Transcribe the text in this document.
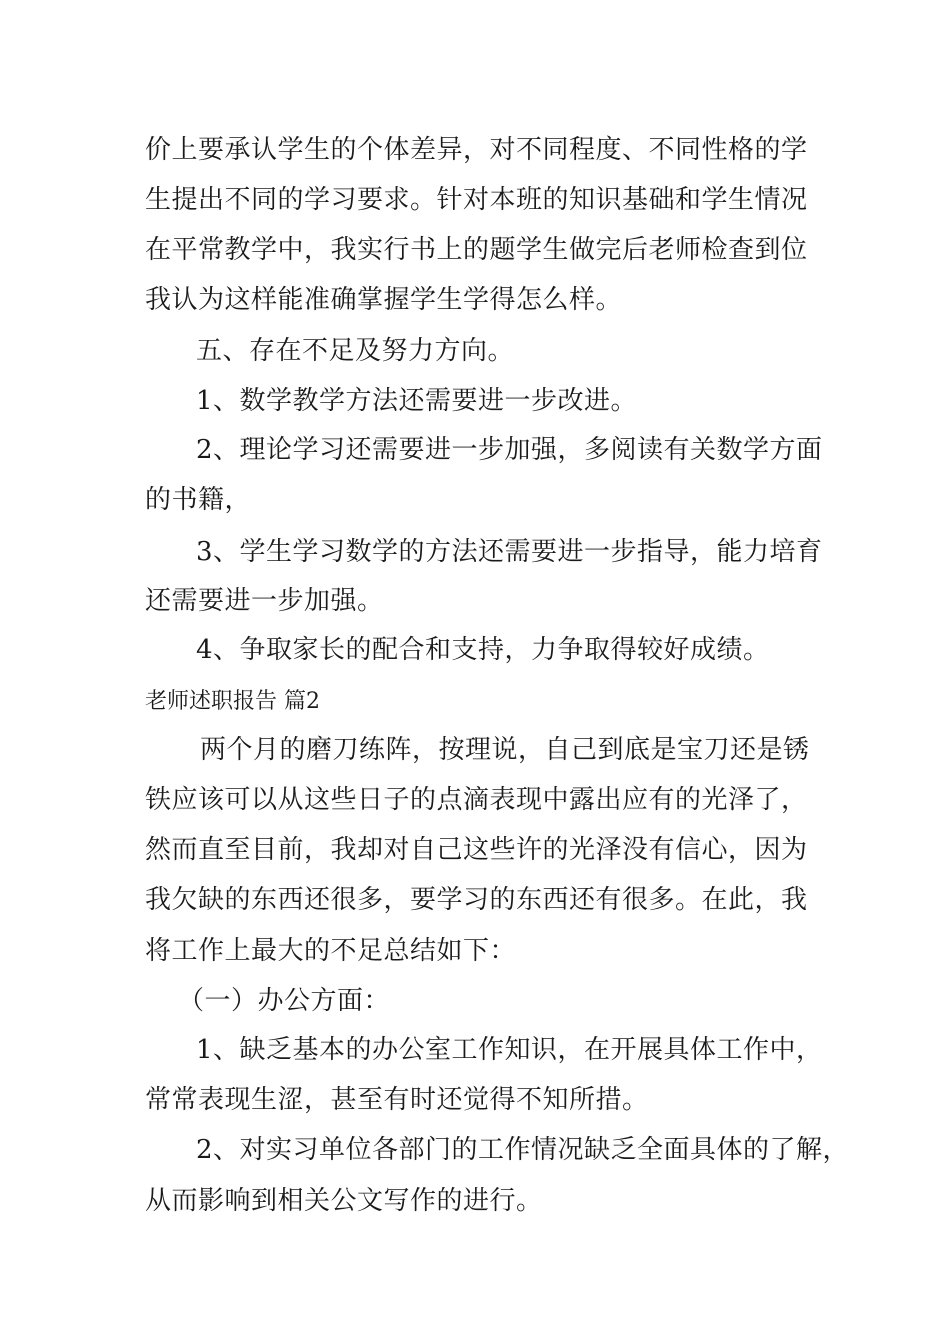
价上要承认学生的个体差异，对不同程度、不同性格的学
生提出不同的学习要求。针对本班的知识基础和学生情况
在平常教学中，我实行书上的题学生做完后老师检查到位
我认为这样能准确掌握学生学得怎么样。
五、存在不足及努力方向。
1、数学教学方法还需要进一步改进。
2、理论学习还需要进一步加强，多阅读有关数学方面
的书籍，
3、学生学习数学的方法还需要进一步指导，能力培育
还需要进一步加强。
4、争取家长的配合和支持，力争取得较好成绩。
老师述职报告 篇2
两个月的磨刀练阵，按理说，自己到底是宝刀还是锈
铁应该可以从这些日子的点滴表现中露出应有的光泽了，
然而直至目前，我却对自己这些许的光泽没有信心，因为
我欠缺的东西还很多，要学习的东西还有很多。在此，我
将工作上最大的不足总结如下：
（一）办公方面：
1、缺乏基本的办公室工作知识，在开展具体工作中，
常常表现生涩，甚至有时还觉得不知所措。
2、对实习单位各部门的工作情况缺乏全面具体的了解，
从而影响到相关公文写作的进行。
